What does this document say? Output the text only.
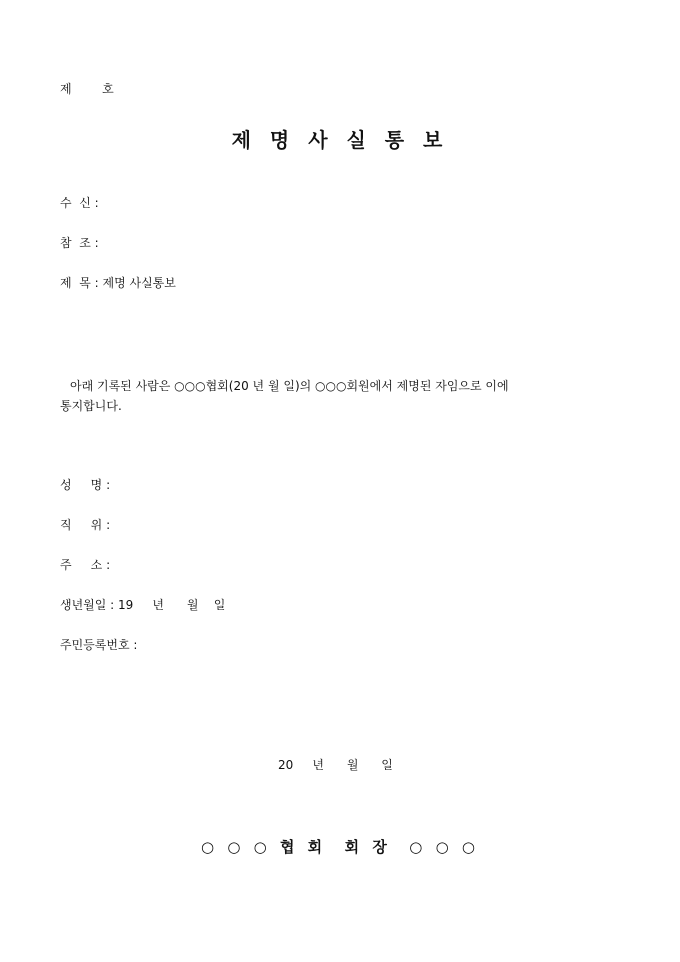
제        호
제 명 사 실 통 보
수  신 :
참  조 :
제  목 : 제명 사실통보
아래 기록된 사람은 ○○○협회(20 년 월 일)의 ○○○회원에서 제명된 자임으로 이에
통지합니다.
성     명 :
직     위 :
주     소 :
생년월일 : 19     년      월    일
주민등록번호 :
20     년      월      일
○ ○ ○ 협 회  회 장  ○ ○ ○
